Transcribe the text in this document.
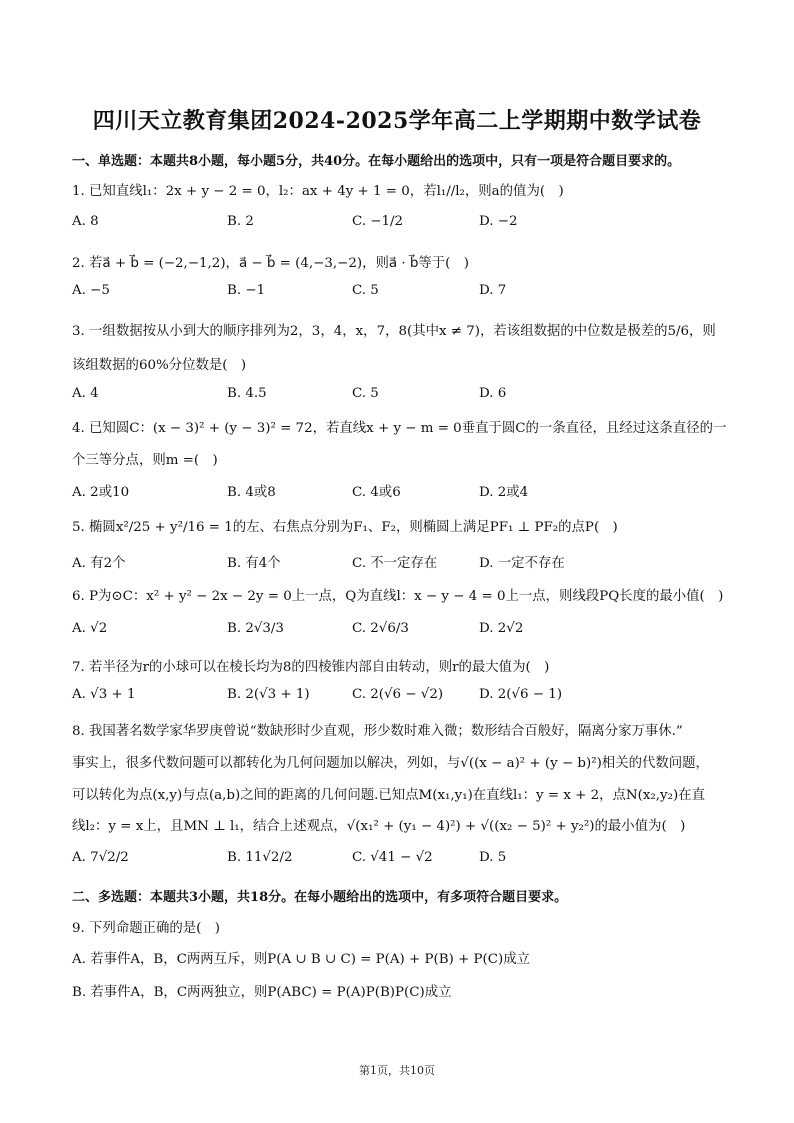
四川天立教育集团2024-2025学年高二上学期期中数学试卷
一、单选题：本题共8小题，每小题5分，共40分。在每小题给出的选项中，只有一项是符合题目要求的。
1. 已知直线l₁：2x + y − 2 = 0，l₂：ax + 4y + 1 = 0，若l₁//l₂，则a的值为(　)
A. 8	B. 2	C. −1/2	D. −2
2. 若a⃗ + b⃗ = (−2,−1,2)，a⃗ − b⃗ = (4,−3,−2)，则a⃗ · b⃗等于(　)
A. −5	B. −1	C. 5	D. 7
3. 一组数据按从小到大的顺序排列为2，3，4，x，7，8(其中x ≠ 7)，若该组数据的中位数是极差的5/6，则
该组数据的60%分位数是(　)
A. 4	B. 4.5	C. 5	D. 6
4. 已知圆C：(x − 3)² + (y − 3)² = 72，若直线x + y − m = 0垂直于圆C的一条直径，且经过这条直径的一
个三等分点，则m =(　)
A. 2或10	B. 4或8	C. 4或6	D. 2或4
5. 椭圆x²/25 + y²/16 = 1的左、右焦点分别为F₁、F₂，则椭圆上满足PF₁ ⊥ PF₂的点P(　)
A. 有2个	B. 有4个	C. 不一定存在	D. 一定不存在
6. P为⊙C：x² + y² − 2x − 2y = 0上一点，Q为直线l：x − y − 4 = 0上一点，则线段PQ长度的最小值(　)
A. √2	B. 2√3/3	C. 2√6/3	D. 2√2
7. 若半径为r的小球可以在棱长均为8的四棱锥内部自由转动，则r的最大值为(　)
A. √3 + 1	B. 2(√3 + 1)	C. 2(√6 − √2)	D. 2(√6 − 1)
8. 我国著名数学家华罗庚曾说“数缺形时少直观，形少数时难入微；数形结合百般好，隔离分家万事休.”
事实上，很多代数问题可以都转化为几何问题加以解决，列如，与√((x − a)² + (y − b)²)相关的代数问题，
可以转化为点(x,y)与点(a,b)之间的距离的几何问题.已知点M(x₁,y₁)在直线l₁：y = x + 2，点N(x₂,y₂)在直
线l₂：y = x上，且MN ⊥ l₁，结合上述观点，√(x₁² + (y₁ − 4)²) + √((x₂ − 5)² + y₂²)的最小值为(　)
A. 7√2/2	B. 11√2/2	C. √41 − √2	D. 5
二、多选题：本题共3小题，共18分。在每小题给出的选项中，有多项符合题目要求。
9. 下列命题正确的是(　)
A. 若事件A，B，C两两互斥，则P(A ∪ B ∪ C) = P(A) + P(B) + P(C)成立
B. 若事件A，B，C两两独立，则P(ABC) = P(A)P(B)P(C)成立
第1页，共10页
